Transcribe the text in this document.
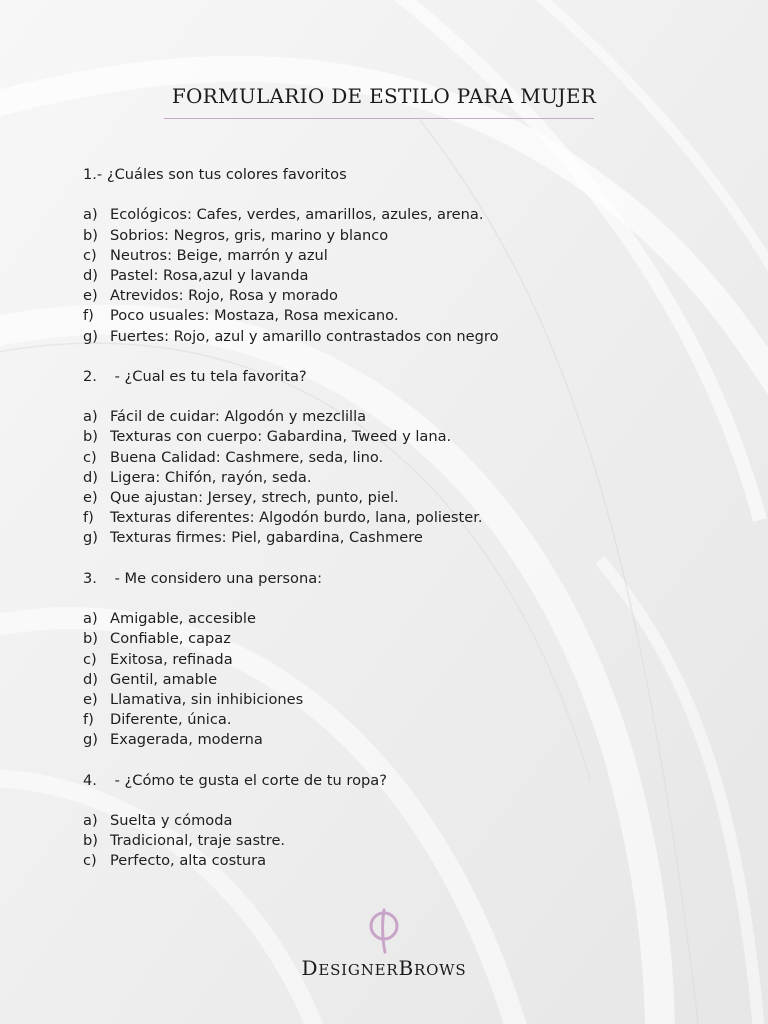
FORMULARIO DE ESTILO PARA MUJER
1.- ¿Cuáles son tus colores favoritos
a) Ecológicos: Cafes, verdes, amarillos, azules, arena.
b) Sobrios: Negros, gris, marino y blanco
c) Neutros: Beige, marrón y azul
d) Pastel: Rosa,azul y lavanda
e) Atrevidos: Rojo, Rosa y morado
f) Poco usuales: Mostaza, Rosa mexicano.
g) Fuertes: Rojo, azul y amarillo contrastados con negro
2. - ¿Cual es tu tela favorita?
a) Fácil de cuidar: Algodón y mezclilla
b) Texturas con cuerpo: Gabardina, Tweed y lana.
c) Buena Calidad: Cashmere, seda, lino.
d) Ligera: Chifón, rayón, seda.
e) Que ajustan: Jersey, strech, punto, piel.
f) Texturas diferentes: Algodón burdo, lana, poliester.
g) Texturas firmes: Piel, gabardina, Cashmere
3. - Me considero una persona:
a) Amigable, accesible
b) Confiable, capaz
c) Exitosa, refinada
d) Gentil, amable
e) Llamativa, sin inhibiciones
f) Diferente, única.
g) Exagerada, moderna
4. - ¿Cómo te gusta el corte de tu ropa?
a) Suelta y cómoda
b) Tradicional, traje sastre.
c) Perfecto, alta costura
DESIGNERBROWS
